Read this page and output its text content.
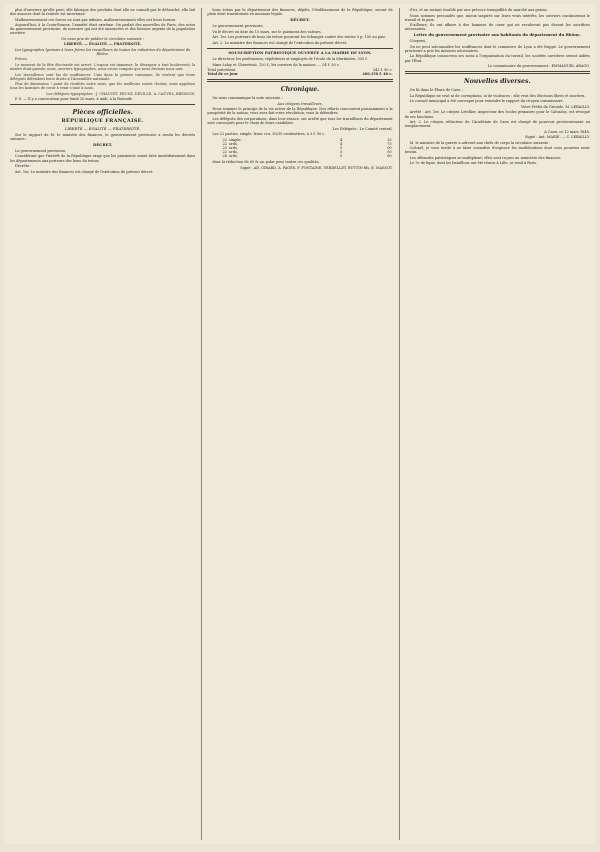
plus d'ouvriers qu'elle peut; elle fabrique des produits dont elle ne connaît pas le débouché; elle fait des avances dont la rentrée est incertaine.

Malheureusement ces forces ne sont pas infinies, malheureusement elles ont leurs bornes.

Aujourd'hui, à la Croix-Rousse, l'anxiété était extrême. On parlait des nouvelles de Paris, des actes du gouvernement provisoire, de mesures qui ont été annoncées et des besoins urgents de la population ouvrière.

On nous prie de publier la circulaire suivante :

LIBERTÉ. — ÉGALITÉ. — FRATERNITÉ.

Les typographes lyonnais à leurs frères les travailleurs de toutes les industries du département du Rhône.

Frères,

Le moment de la fête électorale est arrivé. L'espoir est immense; le désespoir a tout bouleversé; la misère était grande; nous, ouvriers typographes, nous avons compris que nous devions nous unir.

Les travailleurs sont las de souffrances. Unis dans la pensée commune, ils veulent que leurs délégués défendent leurs droits à l'Assemblée nationale.

Plus de dissension ! point de rivalités entre nous; que les meilleurs soient choisis; nous appelons tous les hommes de cœur à venir s'unir à nous.

Les délégués typographes : J. CHAUVET, PRUNY, DEVILLE, A. CAUVEL, BRESSON.

P. S. — Il y a convocation pour lundi 20 mars, à midi, à la Rotonde.

Pièces officielles.
RÉPUBLIQUE FRANÇAISE.
LIBERTÉ — ÉGALITÉ — FRATERNITÉ.

Sur le rapport de M. le ministre des finances, le gouvernement provisoire a rendu les décrets suivants :

DÉCRET.

Le gouvernement provisoire,

Considérant que l'intérêt de la République exige que les paiements soient faits immédiatement dans les départements aux porteurs des bons du trésor,

Décrète :

Art. 1er. Le ministre des finances est chargé de l'exécution du présent décret.

bons échus par le département des finances, dépôts, l'établissement de la République, seront de plein droit transformés en monnaie légale.

DÉCRET.

Le gouvernement provisoire,

Vu le décret en date du 15 mars, sur le paiement des valeurs,

Art. 1er. Les porteurs de bons du trésor pourront les échanger contre des rentes 5 p. 100 au pair.

Art. 2. Le ministre des finances est chargé de l'exécution du présent décret.

SOUSCRIPTION PATRIOTIQUE OUVERTE A LA MAIRIE DE LYON.

Le directeur, les professeurs, répétiteurs et employés de l'école de la Martinière, 335 f.

Mme Lelay et Charvériat, 120 f.; les ouvriers de la maison ..., 54 f. 50 c.

Total précédent	343 f. 90 c.
Total de ce jour	260,150 f. 40 c.
Chronique.

On nous communique la note suivante :

Aux citoyens travailleurs,

Nous sommes le principe de la vie active de la République. Nos efforts concourent puissamment à la prospérité de la nation; vous avez fait votre révolution; vous la défendrez.

Les délégués des corporations, dans leur séance, ont arrêté que tous les travailleurs du département sont convoqués pour le choix de leurs candidats.

Les Délégués : Le Comité central.

Les 22 parties, simple, franc cru, 30/35 centimètres, à 3 f. 50 c.

22	simple,	4	25
22	ords,	4	75
23	ords,	5	00
22	ords,	5	50
24	ords,	5	60

dans la réduction de 65 fr. au polar pour toutes ces qualités.

Signé : AD. GIRARD, A. PAGÈS, F. FONTAINE, VERDELLET, BUTTIN fils, E. MASSOT.

d'ici, et un instant troublé par une précoce tranquillité du marché aux grains.

Nous sommes persuadés que, mieux inspirés sur leurs vrais intérêts, les ouvriers continueront le travail et la paix.

D'ailleurs, ils ont affaire à des hommes de cœur qui ne reculeront pas devant les sacrifices nécessaires.

Lettre du gouvernement provisoire aux habitants du département du Rhône.

Citoyens,

On ne peut méconnaître les souffrances dont le commerce de Lyon a été frappé. Le gouvernement provisoire a pris les mesures nécessaires.

La République consacrera ses soins à l'organisation du travail; les sociétés ouvrières seront aidées par l'État.

Le commissaire du gouvernement : EMMANUEL ARAGO.

Nouvelles diverses.

On lit dans le Phare de Caen :

La République ne veut ni de corruptions, ni de violences : elle veut des élections libres et sincères.

Le conseil municipal a été convoqué pour entendre le rapport du citoyen commissaire.

Votre Préfet de Gironde, M. LEBAILLY.

Arrêté : Art. 1er. Le citoyen Letellier, inspecteur des écoles primaires pour le Calvados, est révoqué de ses fonctions.

Art. 2. Le citoyen rédacteur de l'Académie de Caen est chargé de pourvoir provisoirement au remplacement.

A Caen, ce 12 mars 1848.

Signé : Ant. MARIE. — C. LEBAILLY.

M. le ministre de la guerre a adressé aux chefs de corps la circulaire suivante :

Colonel, je vous invite à ne faire connaître d'urgence les modifications dont vous pourriez avoir besoin.

Les offrandes patriotiques se multiplient; elles sont reçues au ministère des finances.

Le 7e de ligne, dont les bataillons ont été réunis à Lille, se rend à Paris.
